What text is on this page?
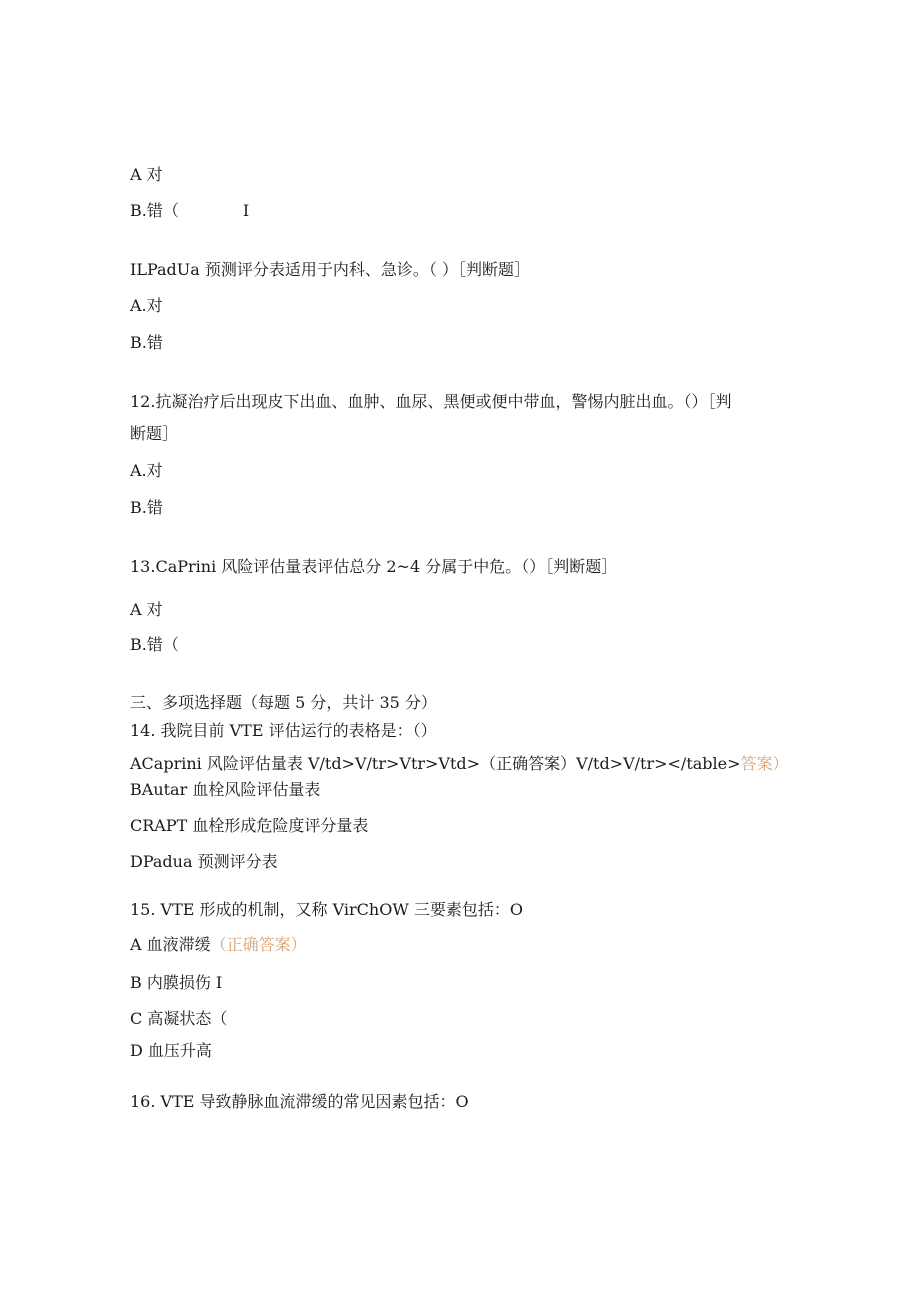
A 对
B.错（	I
ILPadUa 预测评分表适用于内科、急诊。（ ）［判断题］
A.对
B.错
12.抗凝治疗后出现皮下出血、血肿、血尿、黑便或便中带血，警惕内脏出血。（）［判
断题］
A.对
B.错
13.CaPrini 风险评估量表评估总分 2~4 分属于中危。（）［判断题］
A 对
B.错（
三、多项选择题（每题 5 分，共计 35 分）
14. 我院目前 VTE 评估运行的表格是：（）
ACaprini 风险评估量表 V/td>V/tr>Vtr>Vtd>（正确答案）V/td>V/tr></table>答案）
BAutar 血栓风险评估量表
CRAPT 血栓形成危险度评分量表
DPadua 预测评分表
15. VTE 形成的机制，又称 VirChOW 三要素包括：O
A 血液滞缓（正确答案）
B 内膜损伤 I
C 高凝状态（
D 血压升高
16. VTE 导致静脉血流滞缓的常见因素包括：O
